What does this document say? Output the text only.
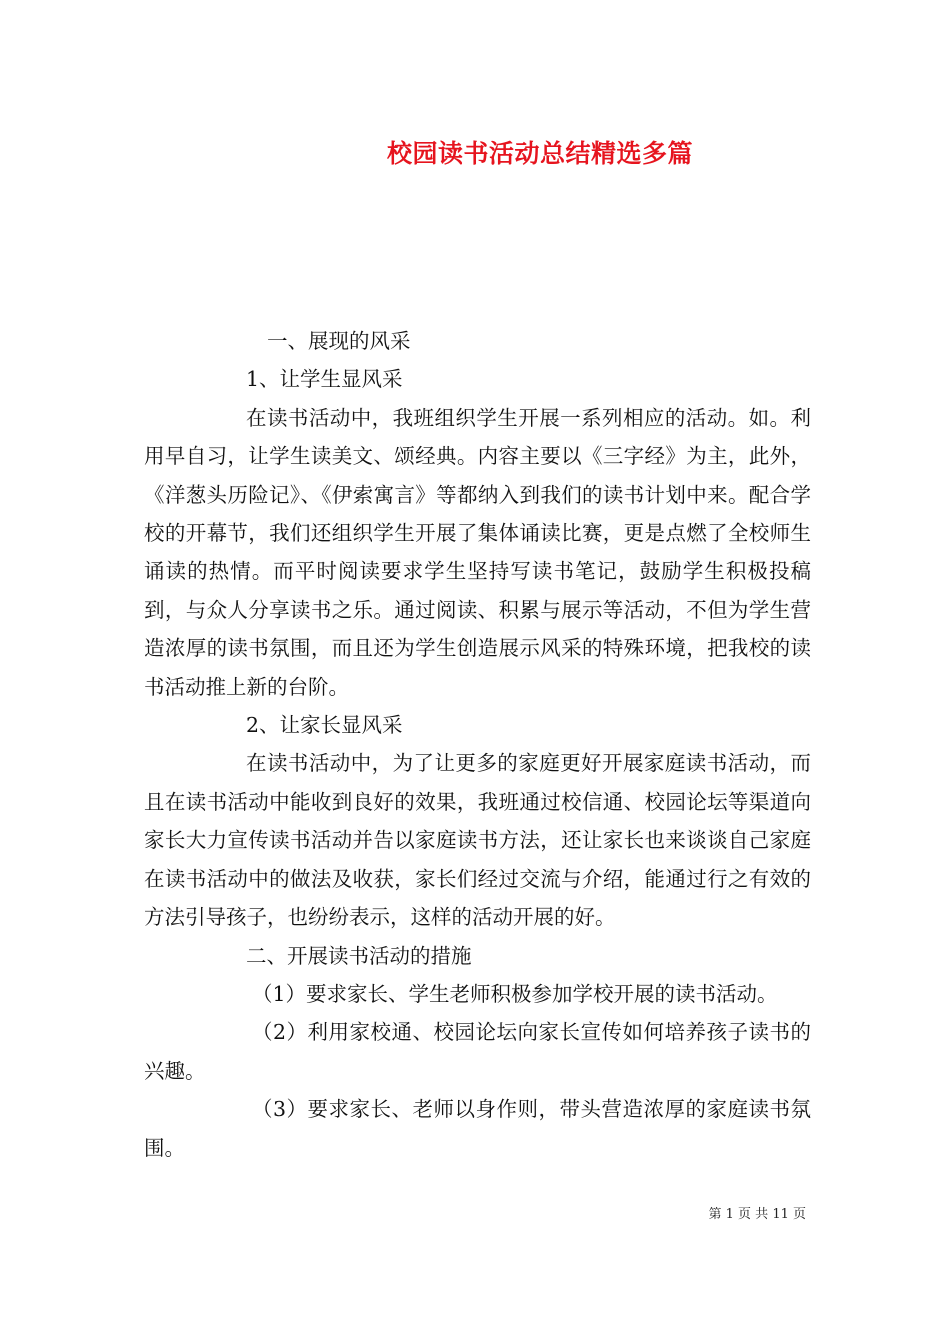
校园读书活动总结精选多篇

一、展现的风采

1、让学生显风采

在读书活动中，我班组织学生开展一系列相应的活动。如。利用早自习，让学生读美文、颂经典。内容主要以《三字经》为主，此外，《洋葱头历险记》、《伊索寓言》等都纳入到我们的读书计划中来。配合学校的开幕节，我们还组织学生开展了集体诵读比赛，更是点燃了全校师生诵读的热情。而平时阅读要求学生坚持写读书笔记，鼓励学生积极投稿到，与众人分享读书之乐。通过阅读、积累与展示等活动，不但为学生营造浓厚的读书氛围，而且还为学生创造展示风采的特殊环境，把我校的读书活动推上新的台阶。

2、让家长显风采

在读书活动中，为了让更多的家庭更好开展家庭读书活动，而且在读书活动中能收到良好的效果，我班通过校信通、校园论坛等渠道向家长大力宣传读书活动并告以家庭读书方法，还让家长也来谈谈自己家庭在读书活动中的做法及收获，家长们经过交流与介绍，能通过行之有效的方法引导孩子，也纷纷表示，这样的活动开展的好。

二、开展读书活动的措施

（1）要求家长、学生老师积极参加学校开展的读书活动。

（2）利用家校通、校园论坛向家长宣传如何培养孩子读书的兴趣。

（3）要求家长、老师以身作则，带头营造浓厚的家庭读书氛围。

第 1 页 共 11 页
